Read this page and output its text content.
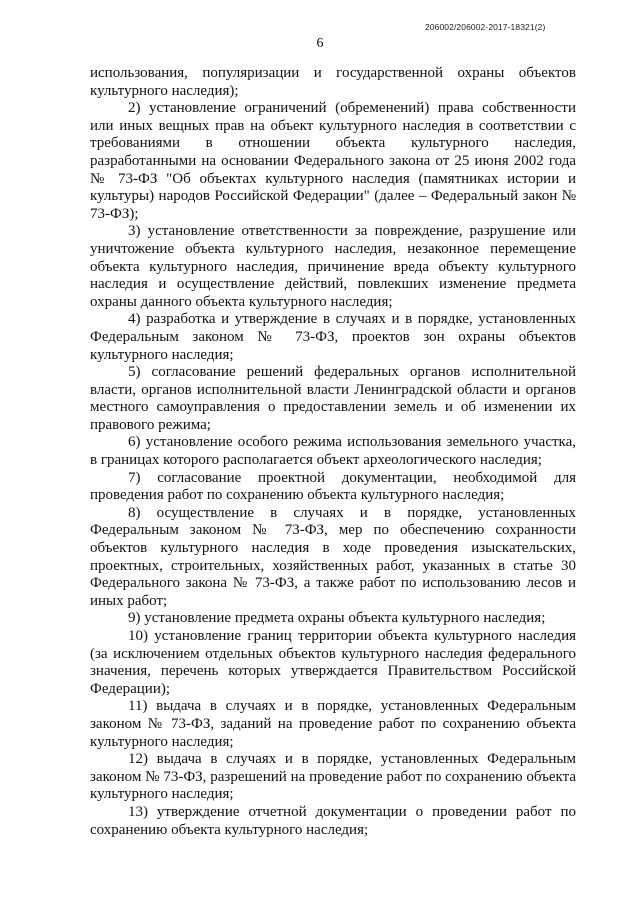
206002/206002-2017-18321(2)
6

использования, популяризации и государственной охраны объектов культурного наследия);

2) установление ограничений (обременений) права собственности или иных вещных прав на объект культурного наследия в соответствии с требованиями в отношении объекта культурного наследия, разработанными на основании Федерального закона от 25 июня 2002 года № 73-ФЗ "Об объектах культурного наследия (памятниках истории и культуры) народов Российской Федерации" (далее – Федеральный закон № 73-ФЗ);

3) установление ответственности за повреждение, разрушение или уничтожение объекта культурного наследия, незаконное перемещение объекта культурного наследия, причинение вреда объекту культурного наследия и осуществление действий, повлекших изменение предмета охраны данного объекта культурного наследия;

4) разработка и утверждение в случаях и в порядке, установленных Федеральным законом № 73-ФЗ, проектов зон охраны объектов культурного наследия;

5) согласование решений федеральных органов исполнительной власти, органов исполнительной власти Ленинградской области и органов местного самоуправления о предоставлении земель и об изменении их правового режима;

6) установление особого режима использования земельного участка, в границах которого располагается объект археологического наследия;

7) согласование проектной документации, необходимой для проведения работ по сохранению объекта культурного наследия;

8) осуществление в случаях и в порядке, установленных Федеральным законом № 73-ФЗ, мер по обеспечению сохранности объектов культурного наследия в ходе проведения изыскательских, проектных, строительных, хозяйственных работ, указанных в статье 30 Федерального закона № 73-ФЗ, а также работ по использованию лесов и иных работ;

9) установление предмета охраны объекта культурного наследия;

10) установление границ территории объекта культурного наследия (за исключением отдельных объектов культурного наследия федерального значения, перечень которых утверждается Правительством Российской Федерации);

11) выдача в случаях и в порядке, установленных Федеральным законом № 73-ФЗ, заданий на проведение работ по сохранению объекта культурного наследия;

12) выдача в случаях и в порядке, установленных Федеральным законом № 73-ФЗ, разрешений на проведение работ по сохранению объекта культурного наследия;

13) утверждение отчетной документации о проведении работ по сохранению объекта культурного наследия;
